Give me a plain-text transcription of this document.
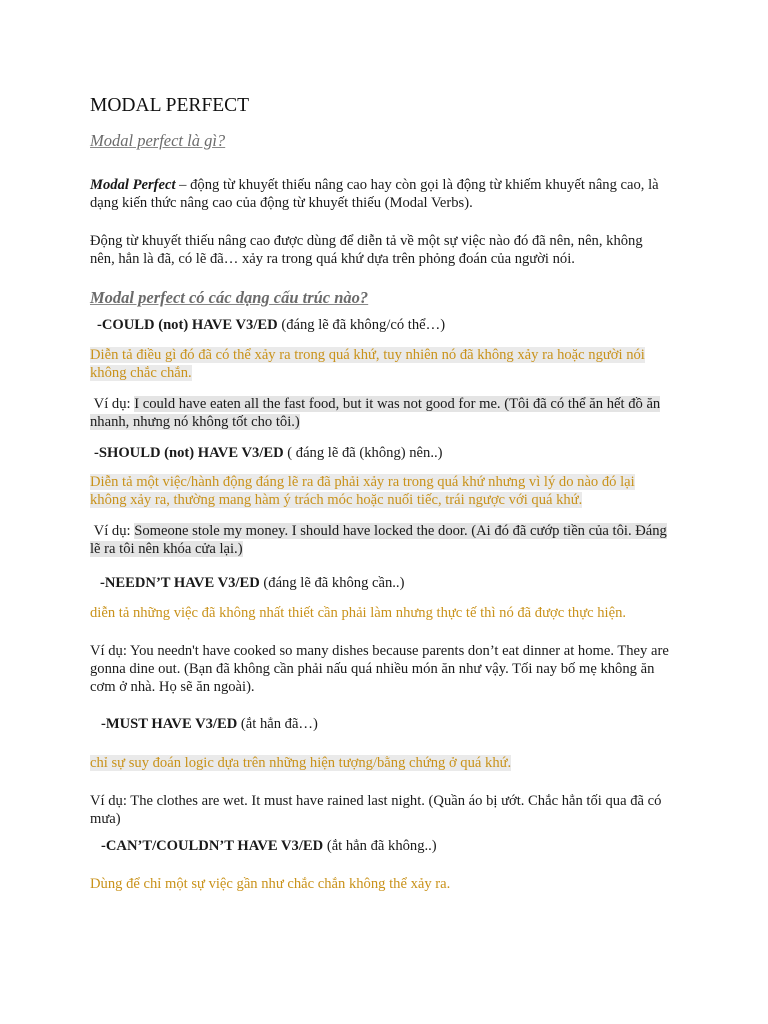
MODAL PERFECT
Modal perfect là gì?

Modal Perfect – động từ khuyết thiếu nâng cao hay còn gọi là động từ khiếm khuyết nâng cao, là dạng kiến thức nâng cao của động từ khuyết thiếu (Modal Verbs).

Động từ khuyết thiếu nâng cao được dùng để diễn tả về một sự việc nào đó đã nên, nên, không nên, hẳn là đã, có lẽ đã… xảy ra trong quá khứ dựa trên phỏng đoán của người nói.

Modal perfect có các dạng cấu trúc nào?

-COULD (not) HAVE V3/ED (đáng lẽ đã không/có thể…)

Diễn tả điều gì đó đã có thể xảy ra trong quá khứ, tuy nhiên nó đã không xảy ra hoặc người nói không chắc chắn.

Ví dụ: I could have eaten all the fast food, but it was not good for me. (Tôi đã có thể ăn hết đồ ăn nhanh, nhưng nó không tốt cho tôi.)

-SHOULD (not) HAVE V3/ED ( đáng lẽ đã (không) nên..)

Diễn tả một việc/hành động đáng lẽ ra đã phải xảy ra trong quá khứ nhưng vì lý do nào đó lại không xảy ra, thường mang hàm ý trách móc hoặc nuối tiếc, trái ngược với quá khứ.

Ví dụ: Someone stole my money. I should have locked the door. (Ai đó đã cướp tiền của tôi. Đáng lẽ ra tôi nên khóa cửa lại.)

-NEEDN’T HAVE V3/ED (đáng lẽ đã không cần..)

diễn tả những việc đã không nhất thiết cần phải làm nhưng thực tế thì nó đã được thực hiện.

Ví dụ: You needn't have cooked so many dishes because parents don’t eat dinner at home. They are gonna dine out. (Bạn đã không cần phải nấu quá nhiều món ăn như vậy. Tối nay bố mẹ không ăn cơm ở nhà. Họ sẽ ăn ngoài).

-MUST HAVE V3/ED (ắt hẳn đã…)

chỉ sự suy đoán logic dựa trên những hiện tượng/bằng chứng ở quá khứ.

Ví dụ: The clothes are wet. It must have rained last night. (Quần áo bị ướt. Chắc hẳn tối qua đã có mưa)

-CAN’T/COULDN’T HAVE V3/ED (ắt hẳn đã không..)

Dùng để chỉ một sự việc gần như chắc chắn không thể xảy ra.
